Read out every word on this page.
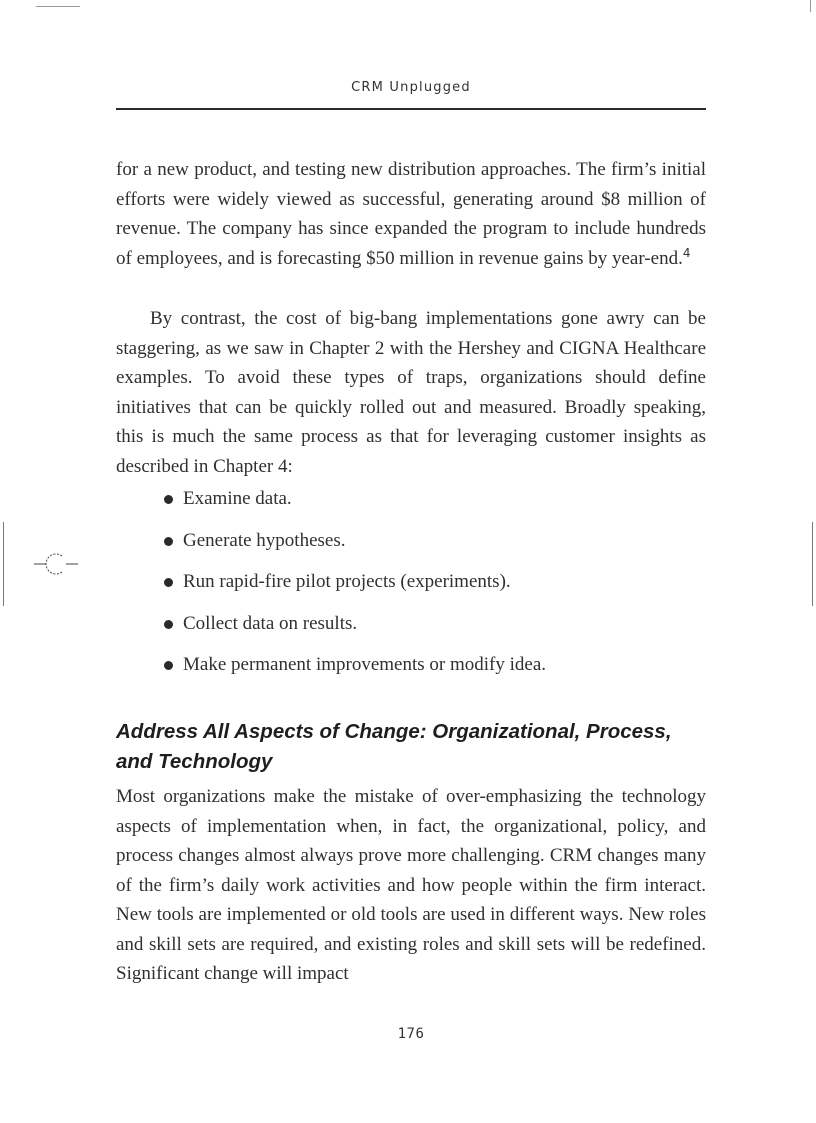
CRM Unplugged

for a new product, and testing new distribution approaches. The firm’s initial efforts were widely viewed as successful, generating around $8 million of revenue. The company has since expanded the program to include hundreds of employees, and is forecasting $50 million in revenue gains by year-end.$^4$

By contrast, the cost of big-bang implementations gone awry can be staggering, as we saw in Chapter 2 with the Hershey and CIGNA Healthcare examples. To avoid these types of traps, organizations should define initiatives that can be quickly rolled out and measured. Broadly speaking, this is much the same process as that for leveraging customer insights as described in Chapter 4:

Examine data.
Generate hypotheses.
Run rapid-fire pilot projects (experiments).
Collect data on results.
Make permanent improvements or modify idea.
Address All Aspects of Change: Organizational, Process, and Technology

Most organizations make the mistake of over-emphasizing the technology aspects of implementation when, in fact, the organizational, policy, and process changes almost always prove more challenging. CRM changes many of the firm’s daily work activities and how people within the firm interact. New tools are implemented or old tools are used in different ways. New roles and skill sets are required, and existing roles and skill sets will be redefined. Significant change will impact

176
